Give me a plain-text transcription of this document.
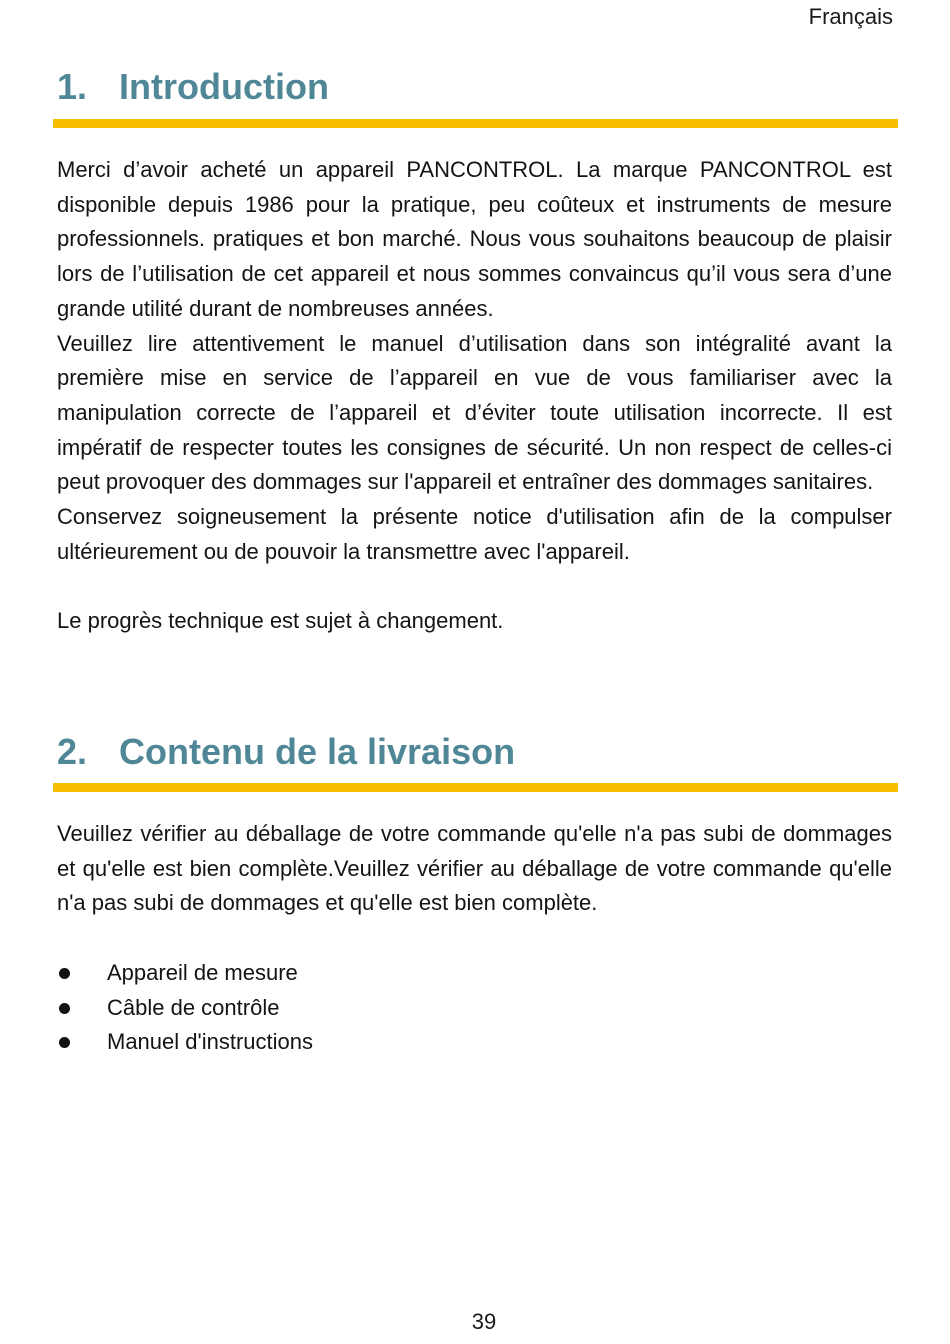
Français
1. Introduction

Merci d’avoir acheté un appareil PANCONTROL. La marque PANCONTROL est disponible depuis 1986 pour la pratique, peu coûteux et instruments de mesure professionnels. pratiques et bon marché. Nous vous souhaitons beaucoup de plaisir lors de l’utilisation de cet appareil et nous sommes convaincus qu’il vous sera d’une grande utilité durant de nombreuses années.

Veuillez lire attentivement le manuel d’utilisation dans son intégralité avant la première mise en service de l’appareil en vue de vous familiariser avec la manipulation correcte de l’appareil et d’éviter toute utilisation incorrecte. Il est impératif de respecter toutes les consignes de sécurité. Un non respect de celles-ci peut provoquer des dommages sur l'appareil et entraîner des dommages sanitaires.

Conservez soigneusement la présente notice d'utilisation afin de la compulser ultérieurement ou de pouvoir la transmettre avec l'appareil.

Le progrès technique est sujet à changement.

2. Contenu de la livraison

Veuillez vérifier au déballage de votre commande qu'elle n'a pas subi de dommages et qu'elle est bien complète.Veuillez vérifier au déballage de votre commande qu'elle n'a pas subi de dommages et qu'elle est bien complète.

Appareil de mesure
Câble de contrôle
Manuel d'instructions
39
